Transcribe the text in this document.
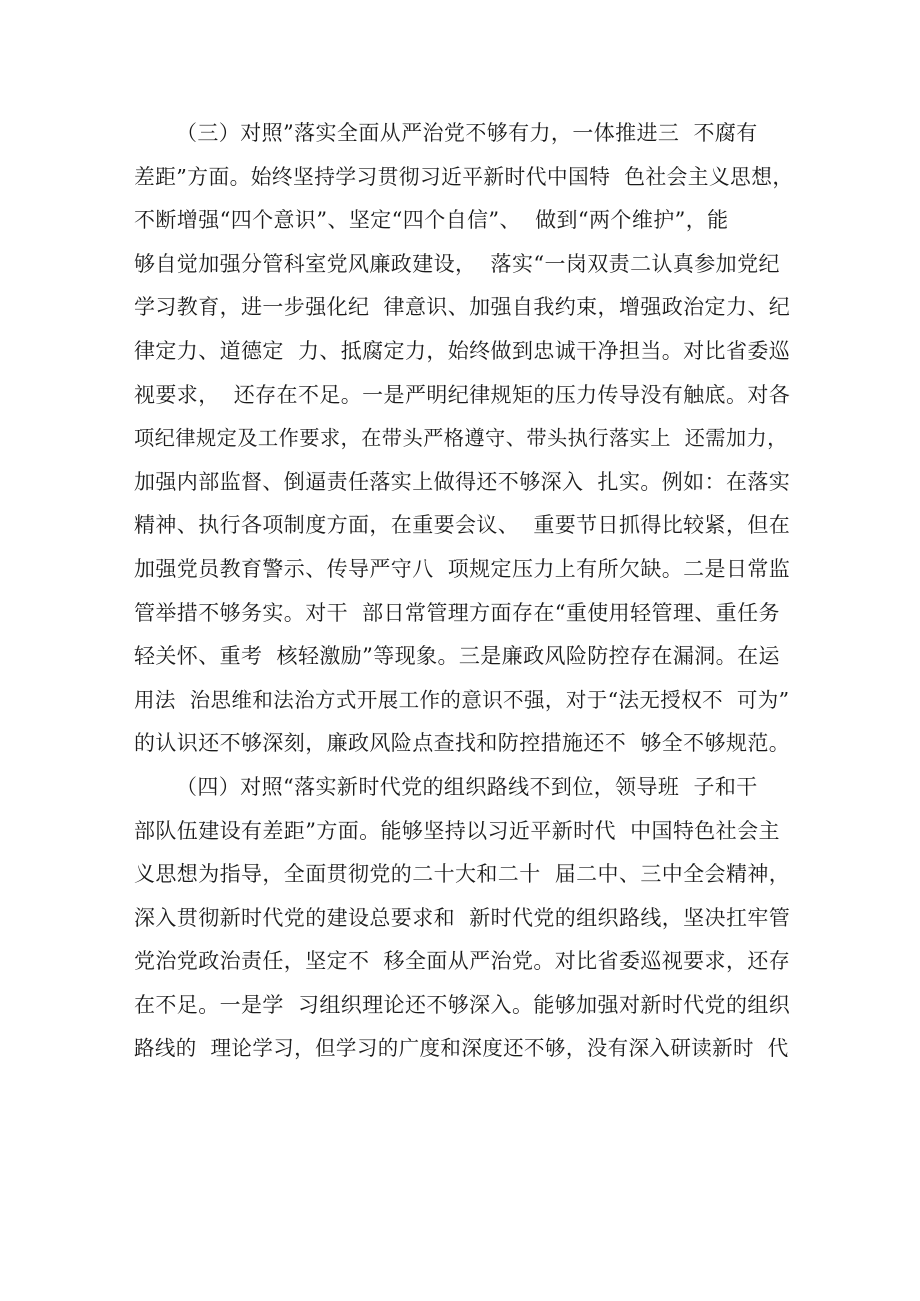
（三）对照”落实全面从严治党不够有力，一体推进三  不腐有
差距”方面。始终坚持学习贯彻习近平新时代中国特  色社会主义思想，
不断增强“四个意识”、坚定“四个自信”、  做到“两个维护”，能
够自觉加强分管科室党风廉政建设，  落实“一岗双责二认真参加党纪
学习教育，进一步强化纪  律意识、加强自我约束，增强政治定力、纪
律定力、道德定  力、抵腐定力，始终做到忠诚干净担当。对比省委巡
视要求，  还存在不足。一是严明纪律规矩的压力传导没有触底。对各
项纪律规定及工作要求，在带头严格遵守、带头执行落实上  还需加力，
加强内部监督、倒逼责任落实上做得还不够深入  扎实。例如：在落实
精神、执行各项制度方面，在重要会议、  重要节日抓得比较紧，但在
加强党员教育警示、传导严守八  项规定压力上有所欠缺。二是日常监
管举措不够务实。对干  部日常管理方面存在“重使用轻管理、重任务
轻关怀、重考  核轻激励”等现象。三是廉政风险防控存在漏洞。在运
用法  治思维和法治方式开展工作的意识不强，对于“法无授权不  可为”
的认识还不够深刻，廉政风险点查找和防控措施还不  够全不够规范。
（四）对照“落实新时代党的组织路线不到位，领导班  子和干
部队伍建设有差距”方面。能够坚持以习近平新时代  中国特色社会主
义思想为指导，全面贯彻党的二十大和二十  届二中、三中全会精神，
深入贯彻新时代党的建设总要求和  新时代党的组织路线，坚决扛牢管
党治党政治责任，坚定不  移全面从严治党。对比省委巡视要求，还存
在不足。一是学  习组织理论还不够深入。能够加强对新时代党的组织
路线的  理论学习，但学习的广度和深度还不够，没有深入研读新时  代
